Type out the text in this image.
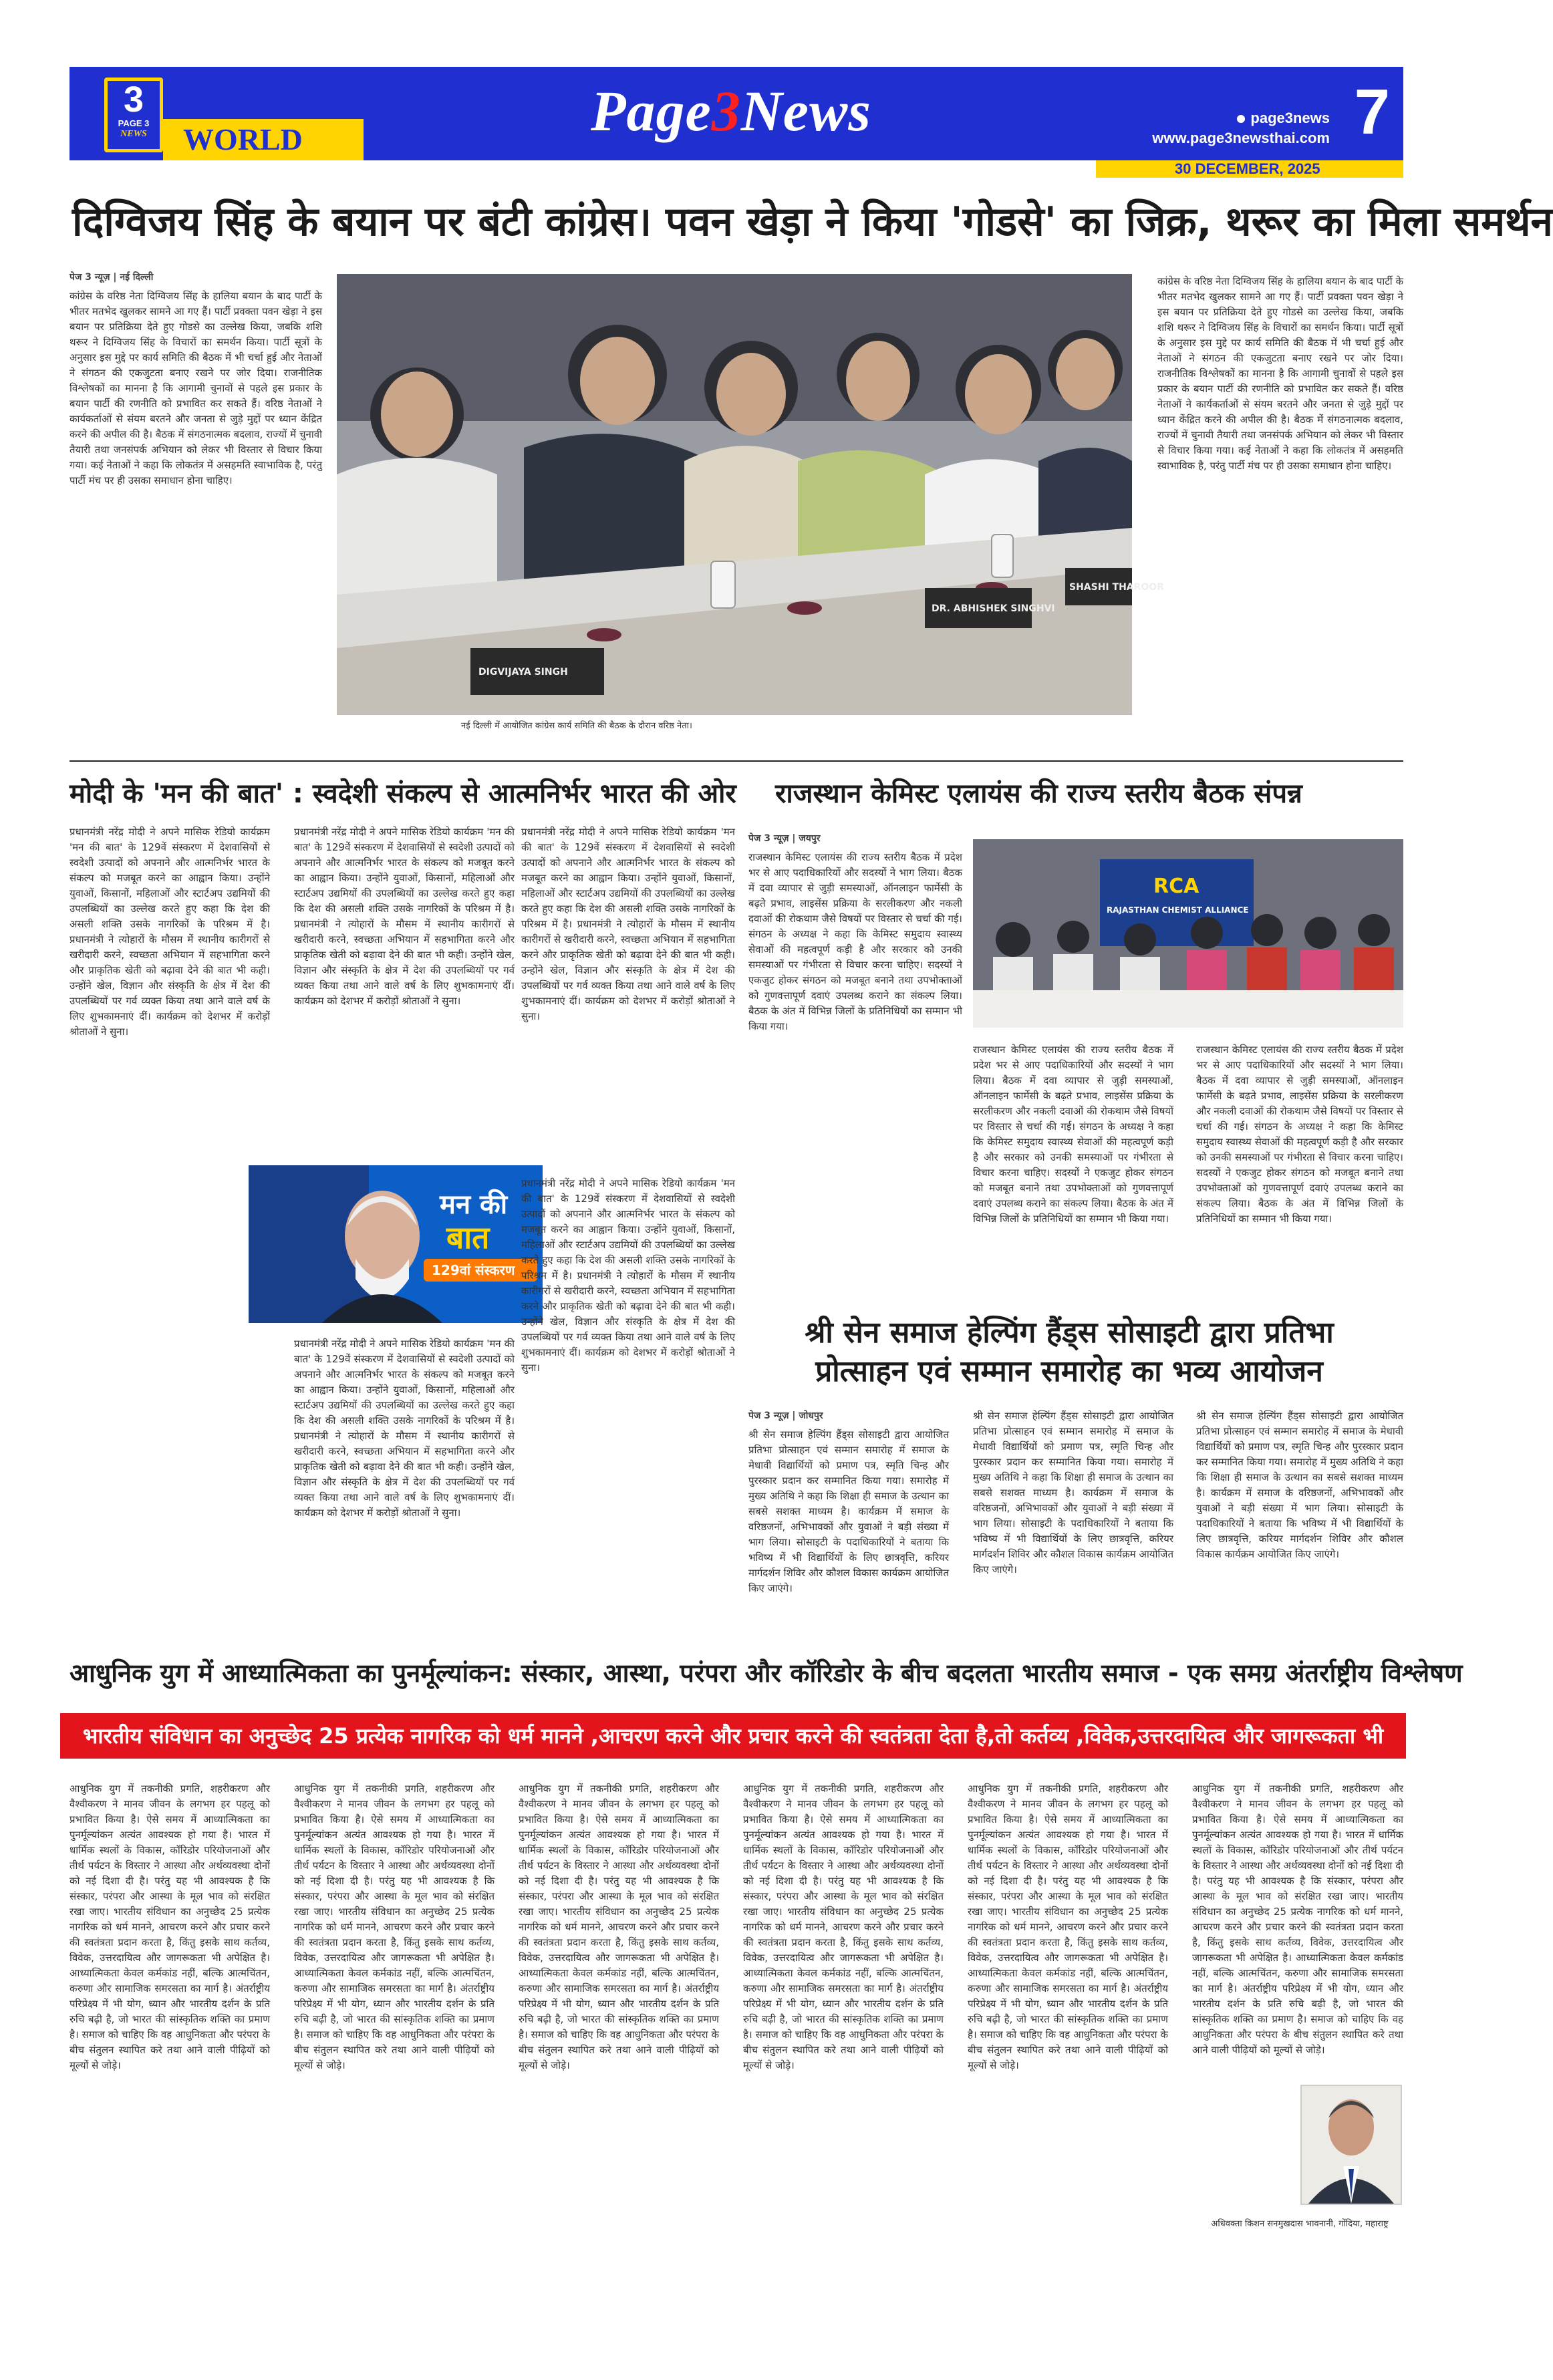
3
PAGE 3
NEWS	WORLD	Page3News	page3news
www.page3newsthai.com 7
30 DECEMBER, 2025
दिग्विजय सिंह के बयान पर बंटी कांग्रेस। पवन खेड़ा ने किया 'गोडसे' का जिक्र, थरूर का मिला समर्थन
पेज 3 न्यूज़ | नई दिल्ली
कांग्रेस के वरिष्ठ नेता दिग्विजय सिंह के हालिया बयान के बाद पार्टी के भीतर मतभेद खुलकर सामने आ गए हैं। पार्टी प्रवक्ता पवन खेड़ा ने इस बयान पर प्रतिक्रिया देते हुए गोडसे का उल्लेख किया, जबकि शशि थरूर ने दिग्विजय सिंह के विचारों का समर्थन किया। पार्टी सूत्रों के अनुसार इस मुद्दे पर कार्य समिति की बैठक में भी चर्चा हुई और नेताओं ने संगठन की एकजुटता बनाए रखने पर जोर दिया। राजनीतिक विश्लेषकों का मानना है कि आगामी चुनावों से पहले इस प्रकार के बयान पार्टी की रणनीति को प्रभावित कर सकते हैं। वरिष्ठ नेताओं ने कार्यकर्ताओं से संयम बरतने और जनता से जुड़े मुद्दों पर ध्यान केंद्रित करने की अपील की है। बैठक में संगठनात्मक बदलाव, राज्यों में चुनावी तैयारी तथा जनसंपर्क अभियान को लेकर भी विस्तार से विचार किया गया। कई नेताओं ने कहा कि लोकतंत्र में असहमति स्वाभाविक है, परंतु पार्टी मंच पर ही उसका समाधान होना चाहिए।
DIGVIJAYA SINGH
DR. ABHISHEK SINGHVI
SHASHI THAROOR
नई दिल्ली में आयोजित कांग्रेस कार्य समिति की बैठक के दौरान वरिष्ठ नेता।
कांग्रेस के वरिष्ठ नेता दिग्विजय सिंह के हालिया बयान के बाद पार्टी के भीतर मतभेद खुलकर सामने आ गए हैं। पार्टी प्रवक्ता पवन खेड़ा ने इस बयान पर प्रतिक्रिया देते हुए गोडसे का उल्लेख किया, जबकि शशि थरूर ने दिग्विजय सिंह के विचारों का समर्थन किया। पार्टी सूत्रों के अनुसार इस मुद्दे पर कार्य समिति की बैठक में भी चर्चा हुई और नेताओं ने संगठन की एकजुटता बनाए रखने पर जोर दिया। राजनीतिक विश्लेषकों का मानना है कि आगामी चुनावों से पहले इस प्रकार के बयान पार्टी की रणनीति को प्रभावित कर सकते हैं। वरिष्ठ नेताओं ने कार्यकर्ताओं से संयम बरतने और जनता से जुड़े मुद्दों पर ध्यान केंद्रित करने की अपील की है। बैठक में संगठनात्मक बदलाव, राज्यों में चुनावी तैयारी तथा जनसंपर्क अभियान को लेकर भी विस्तार से विचार किया गया। कई नेताओं ने कहा कि लोकतंत्र में असहमति स्वाभाविक है, परंतु पार्टी मंच पर ही उसका समाधान होना चाहिए।
मोदी के 'मन की बात' : स्वदेशी संकल्प से आत्मनिर्भर भारत की ओर
प्रधानमंत्री नरेंद्र मोदी ने अपने मासिक रेडियो कार्यक्रम 'मन की बात' के 129वें संस्करण में देशवासियों से स्वदेशी उत्पादों को अपनाने और आत्मनिर्भर भारत के संकल्प को मजबूत करने का आह्वान किया। उन्होंने युवाओं, किसानों, महिलाओं और स्टार्टअप उद्यमियों की उपलब्धियों का उल्लेख करते हुए कहा कि देश की असली शक्ति उसके नागरिकों के परिश्रम में है। प्रधानमंत्री ने त्योहारों के मौसम में स्थानीय कारीगरों से खरीदारी करने, स्वच्छता अभियान में सहभागिता करने और प्राकृतिक खेती को बढ़ावा देने की बात भी कही। उन्होंने खेल, विज्ञान और संस्कृति के क्षेत्र में देश की उपलब्धियों पर गर्व व्यक्त किया तथा आने वाले वर्ष के लिए शुभकामनाएं दीं। कार्यक्रम को देशभर में करोड़ों श्रोताओं ने सुना।
प्रधानमंत्री नरेंद्र मोदी ने अपने मासिक रेडियो कार्यक्रम 'मन की बात' के 129वें संस्करण में देशवासियों से स्वदेशी उत्पादों को अपनाने और आत्मनिर्भर भारत के संकल्प को मजबूत करने का आह्वान किया। उन्होंने युवाओं, किसानों, महिलाओं और स्टार्टअप उद्यमियों की उपलब्धियों का उल्लेख करते हुए कहा कि देश की असली शक्ति उसके नागरिकों के परिश्रम में है। प्रधानमंत्री ने त्योहारों के मौसम में स्थानीय कारीगरों से खरीदारी करने, स्वच्छता अभियान में सहभागिता करने और प्राकृतिक खेती को बढ़ावा देने की बात भी कही। उन्होंने खेल, विज्ञान और संस्कृति के क्षेत्र में देश की उपलब्धियों पर गर्व व्यक्त किया तथा आने वाले वर्ष के लिए शुभकामनाएं दीं। कार्यक्रम को देशभर में करोड़ों श्रोताओं ने सुना।
प्रधानमंत्री नरेंद्र मोदी ने अपने मासिक रेडियो कार्यक्रम 'मन की बात' के 129वें संस्करण में देशवासियों से स्वदेशी उत्पादों को अपनाने और आत्मनिर्भर भारत के संकल्प को मजबूत करने का आह्वान किया। उन्होंने युवाओं, किसानों, महिलाओं और स्टार्टअप उद्यमियों की उपलब्धियों का उल्लेख करते हुए कहा कि देश की असली शक्ति उसके नागरिकों के परिश्रम में है। प्रधानमंत्री ने त्योहारों के मौसम में स्थानीय कारीगरों से खरीदारी करने, स्वच्छता अभियान में सहभागिता करने और प्राकृतिक खेती को बढ़ावा देने की बात भी कही। उन्होंने खेल, विज्ञान और संस्कृति के क्षेत्र में देश की उपलब्धियों पर गर्व व्यक्त किया तथा आने वाले वर्ष के लिए शुभकामनाएं दीं। कार्यक्रम को देशभर में करोड़ों श्रोताओं ने सुना।
मन की
बात
129वां संस्करण
प्रधानमंत्री नरेंद्र मोदी ने अपने मासिक रेडियो कार्यक्रम 'मन की बात' के 129वें संस्करण में देशवासियों से स्वदेशी उत्पादों को अपनाने और आत्मनिर्भर भारत के संकल्प को मजबूत करने का आह्वान किया। उन्होंने युवाओं, किसानों, महिलाओं और स्टार्टअप उद्यमियों की उपलब्धियों का उल्लेख करते हुए कहा कि देश की असली शक्ति उसके नागरिकों के परिश्रम में है। प्रधानमंत्री ने त्योहारों के मौसम में स्थानीय कारीगरों से खरीदारी करने, स्वच्छता अभियान में सहभागिता करने और प्राकृतिक खेती को बढ़ावा देने की बात भी कही। उन्होंने खेल, विज्ञान और संस्कृति के क्षेत्र में देश की उपलब्धियों पर गर्व व्यक्त किया तथा आने वाले वर्ष के लिए शुभकामनाएं दीं। कार्यक्रम को देशभर में करोड़ों श्रोताओं ने सुना।
प्रधानमंत्री नरेंद्र मोदी ने अपने मासिक रेडियो कार्यक्रम 'मन की बात' के 129वें संस्करण में देशवासियों से स्वदेशी उत्पादों को अपनाने और आत्मनिर्भर भारत के संकल्प को मजबूत करने का आह्वान किया। उन्होंने युवाओं, किसानों, महिलाओं और स्टार्टअप उद्यमियों की उपलब्धियों का उल्लेख करते हुए कहा कि देश की असली शक्ति उसके नागरिकों के परिश्रम में है। प्रधानमंत्री ने त्योहारों के मौसम में स्थानीय कारीगरों से खरीदारी करने, स्वच्छता अभियान में सहभागिता करने और प्राकृतिक खेती को बढ़ावा देने की बात भी कही। उन्होंने खेल, विज्ञान और संस्कृति के क्षेत्र में देश की उपलब्धियों पर गर्व व्यक्त किया तथा आने वाले वर्ष के लिए शुभकामनाएं दीं। कार्यक्रम को देशभर में करोड़ों श्रोताओं ने सुना।
राजस्थान केमिस्ट एलायंस की राज्य स्तरीय बैठक संपन्न
पेज 3 न्यूज़ | जयपुर
राजस्थान केमिस्ट एलायंस की राज्य स्तरीय बैठक में प्रदेश भर से आए पदाधिकारियों और सदस्यों ने भाग लिया। बैठक में दवा व्यापार से जुड़ी समस्याओं, ऑनलाइन फार्मेसी के बढ़ते प्रभाव, लाइसेंस प्रक्रिया के सरलीकरण और नकली दवाओं की रोकथाम जैसे विषयों पर विस्तार से चर्चा की गई। संगठन के अध्यक्ष ने कहा कि केमिस्ट समुदाय स्वास्थ्य सेवाओं की महत्वपूर्ण कड़ी है और सरकार को उनकी समस्याओं पर गंभीरता से विचार करना चाहिए। सदस्यों ने एकजुट होकर संगठन को मजबूत बनाने तथा उपभोक्ताओं को गुणवत्तापूर्ण दवाएं उपलब्ध कराने का संकल्प लिया। बैठक के अंत में विभिन्न जिलों के प्रतिनिधियों का सम्मान भी किया गया।
RCA
RAJASTHAN CHEMIST ALLIANCE
राजस्थान केमिस्ट एलायंस की राज्य स्तरीय बैठक में प्रदेश भर से आए पदाधिकारियों और सदस्यों ने भाग लिया। बैठक में दवा व्यापार से जुड़ी समस्याओं, ऑनलाइन फार्मेसी के बढ़ते प्रभाव, लाइसेंस प्रक्रिया के सरलीकरण और नकली दवाओं की रोकथाम जैसे विषयों पर विस्तार से चर्चा की गई। संगठन के अध्यक्ष ने कहा कि केमिस्ट समुदाय स्वास्थ्य सेवाओं की महत्वपूर्ण कड़ी है और सरकार को उनकी समस्याओं पर गंभीरता से विचार करना चाहिए। सदस्यों ने एकजुट होकर संगठन को मजबूत बनाने तथा उपभोक्ताओं को गुणवत्तापूर्ण दवाएं उपलब्ध कराने का संकल्प लिया। बैठक के अंत में विभिन्न जिलों के प्रतिनिधियों का सम्मान भी किया गया।
राजस्थान केमिस्ट एलायंस की राज्य स्तरीय बैठक में प्रदेश भर से आए पदाधिकारियों और सदस्यों ने भाग लिया। बैठक में दवा व्यापार से जुड़ी समस्याओं, ऑनलाइन फार्मेसी के बढ़ते प्रभाव, लाइसेंस प्रक्रिया के सरलीकरण और नकली दवाओं की रोकथाम जैसे विषयों पर विस्तार से चर्चा की गई। संगठन के अध्यक्ष ने कहा कि केमिस्ट समुदाय स्वास्थ्य सेवाओं की महत्वपूर्ण कड़ी है और सरकार को उनकी समस्याओं पर गंभीरता से विचार करना चाहिए। सदस्यों ने एकजुट होकर संगठन को मजबूत बनाने तथा उपभोक्ताओं को गुणवत्तापूर्ण दवाएं उपलब्ध कराने का संकल्प लिया। बैठक के अंत में विभिन्न जिलों के प्रतिनिधियों का सम्मान भी किया गया।
श्री सेन समाज हेल्पिंग हैंड्स सोसाइटी द्वारा प्रतिभा प्रोत्साहन एवं सम्मान समारोह का भव्य आयोजन
पेज 3 न्यूज़ | जोधपुर
श्री सेन समाज हेल्पिंग हैंड्स सोसाइटी द्वारा आयोजित प्रतिभा प्रोत्साहन एवं सम्मान समारोह में समाज के मेधावी विद्यार्थियों को प्रमाण पत्र, स्मृति चिन्ह और पुरस्कार प्रदान कर सम्मानित किया गया। समारोह में मुख्य अतिथि ने कहा कि शिक्षा ही समाज के उत्थान का सबसे सशक्त माध्यम है। कार्यक्रम में समाज के वरिष्ठजनों, अभिभावकों और युवाओं ने बड़ी संख्या में भाग लिया। सोसाइटी के पदाधिकारियों ने बताया कि भविष्य में भी विद्यार्थियों के लिए छात्रवृत्ति, करियर मार्गदर्शन शिविर और कौशल विकास कार्यक्रम आयोजित किए जाएंगे।
श्री सेन समाज हेल्पिंग हैंड्स सोसाइटी द्वारा आयोजित प्रतिभा प्रोत्साहन एवं सम्मान समारोह में समाज के मेधावी विद्यार्थियों को प्रमाण पत्र, स्मृति चिन्ह और पुरस्कार प्रदान कर सम्मानित किया गया। समारोह में मुख्य अतिथि ने कहा कि शिक्षा ही समाज के उत्थान का सबसे सशक्त माध्यम है। कार्यक्रम में समाज के वरिष्ठजनों, अभिभावकों और युवाओं ने बड़ी संख्या में भाग लिया। सोसाइटी के पदाधिकारियों ने बताया कि भविष्य में भी विद्यार्थियों के लिए छात्रवृत्ति, करियर मार्गदर्शन शिविर और कौशल विकास कार्यक्रम आयोजित किए जाएंगे।
श्री सेन समाज हेल्पिंग हैंड्स सोसाइटी द्वारा आयोजित प्रतिभा प्रोत्साहन एवं सम्मान समारोह में समाज के मेधावी विद्यार्थियों को प्रमाण पत्र, स्मृति चिन्ह और पुरस्कार प्रदान कर सम्मानित किया गया। समारोह में मुख्य अतिथि ने कहा कि शिक्षा ही समाज के उत्थान का सबसे सशक्त माध्यम है। कार्यक्रम में समाज के वरिष्ठजनों, अभिभावकों और युवाओं ने बड़ी संख्या में भाग लिया। सोसाइटी के पदाधिकारियों ने बताया कि भविष्य में भी विद्यार्थियों के लिए छात्रवृत्ति, करियर मार्गदर्शन शिविर और कौशल विकास कार्यक्रम आयोजित किए जाएंगे।
आधुनिक युग में आध्यात्मिकता का पुनर्मूल्यांकन: संस्कार, आस्था, परंपरा और कॉरिडोर के बीच बदलता भारतीय समाज - एक समग्र अंतर्राष्ट्रीय विश्लेषण
भारतीय संविधान का अनुच्छेद 25 प्रत्येक नागरिक को धर्म मानने ,आचरण करने और प्रचार करने की स्वतंत्रता देता है,तो कर्तव्य ,विवेक,उत्तरदायित्व और जागरूकता भी
आधुनिक युग में तकनीकी प्रगति, शहरीकरण और वैश्वीकरण ने मानव जीवन के लगभग हर पहलू को प्रभावित किया है। ऐसे समय में आध्यात्मिकता का पुनर्मूल्यांकन अत्यंत आवश्यक हो गया है। भारत में धार्मिक स्थलों के विकास, कॉरिडोर परियोजनाओं और तीर्थ पर्यटन के विस्तार ने आस्था और अर्थव्यवस्था दोनों को नई दिशा दी है। परंतु यह भी आवश्यक है कि संस्कार, परंपरा और आस्था के मूल भाव को संरक्षित रखा जाए। भारतीय संविधान का अनुच्छेद 25 प्रत्येक नागरिक को धर्म मानने, आचरण करने और प्रचार करने की स्वतंत्रता प्रदान करता है, किंतु इसके साथ कर्तव्य, विवेक, उत्तरदायित्व और जागरूकता भी अपेक्षित है। आध्यात्मिकता केवल कर्मकांड नहीं, बल्कि आत्मचिंतन, करुणा और सामाजिक समरसता का मार्ग है। अंतर्राष्ट्रीय परिप्रेक्ष्य में भी योग, ध्यान और भारतीय दर्शन के प्रति रुचि बढ़ी है, जो भारत की सांस्कृतिक शक्ति का प्रमाण है। समाज को चाहिए कि वह आधुनिकता और परंपरा के बीच संतुलन स्थापित करे तथा आने वाली पीढ़ियों को मूल्यों से जोड़े।
आधुनिक युग में तकनीकी प्रगति, शहरीकरण और वैश्वीकरण ने मानव जीवन के लगभग हर पहलू को प्रभावित किया है। ऐसे समय में आध्यात्मिकता का पुनर्मूल्यांकन अत्यंत आवश्यक हो गया है। भारत में धार्मिक स्थलों के विकास, कॉरिडोर परियोजनाओं और तीर्थ पर्यटन के विस्तार ने आस्था और अर्थव्यवस्था दोनों को नई दिशा दी है। परंतु यह भी आवश्यक है कि संस्कार, परंपरा और आस्था के मूल भाव को संरक्षित रखा जाए। भारतीय संविधान का अनुच्छेद 25 प्रत्येक नागरिक को धर्म मानने, आचरण करने और प्रचार करने की स्वतंत्रता प्रदान करता है, किंतु इसके साथ कर्तव्य, विवेक, उत्तरदायित्व और जागरूकता भी अपेक्षित है। आध्यात्मिकता केवल कर्मकांड नहीं, बल्कि आत्मचिंतन, करुणा और सामाजिक समरसता का मार्ग है। अंतर्राष्ट्रीय परिप्रेक्ष्य में भी योग, ध्यान और भारतीय दर्शन के प्रति रुचि बढ़ी है, जो भारत की सांस्कृतिक शक्ति का प्रमाण है। समाज को चाहिए कि वह आधुनिकता और परंपरा के बीच संतुलन स्थापित करे तथा आने वाली पीढ़ियों को मूल्यों से जोड़े।
आधुनिक युग में तकनीकी प्रगति, शहरीकरण और वैश्वीकरण ने मानव जीवन के लगभग हर पहलू को प्रभावित किया है। ऐसे समय में आध्यात्मिकता का पुनर्मूल्यांकन अत्यंत आवश्यक हो गया है। भारत में धार्मिक स्थलों के विकास, कॉरिडोर परियोजनाओं और तीर्थ पर्यटन के विस्तार ने आस्था और अर्थव्यवस्था दोनों को नई दिशा दी है। परंतु यह भी आवश्यक है कि संस्कार, परंपरा और आस्था के मूल भाव को संरक्षित रखा जाए। भारतीय संविधान का अनुच्छेद 25 प्रत्येक नागरिक को धर्म मानने, आचरण करने और प्रचार करने की स्वतंत्रता प्रदान करता है, किंतु इसके साथ कर्तव्य, विवेक, उत्तरदायित्व और जागरूकता भी अपेक्षित है। आध्यात्मिकता केवल कर्मकांड नहीं, बल्कि आत्मचिंतन, करुणा और सामाजिक समरसता का मार्ग है। अंतर्राष्ट्रीय परिप्रेक्ष्य में भी योग, ध्यान और भारतीय दर्शन के प्रति रुचि बढ़ी है, जो भारत की सांस्कृतिक शक्ति का प्रमाण है। समाज को चाहिए कि वह आधुनिकता और परंपरा के बीच संतुलन स्थापित करे तथा आने वाली पीढ़ियों को मूल्यों से जोड़े।
आधुनिक युग में तकनीकी प्रगति, शहरीकरण और वैश्वीकरण ने मानव जीवन के लगभग हर पहलू को प्रभावित किया है। ऐसे समय में आध्यात्मिकता का पुनर्मूल्यांकन अत्यंत आवश्यक हो गया है। भारत में धार्मिक स्थलों के विकास, कॉरिडोर परियोजनाओं और तीर्थ पर्यटन के विस्तार ने आस्था और अर्थव्यवस्था दोनों को नई दिशा दी है। परंतु यह भी आवश्यक है कि संस्कार, परंपरा और आस्था के मूल भाव को संरक्षित रखा जाए। भारतीय संविधान का अनुच्छेद 25 प्रत्येक नागरिक को धर्म मानने, आचरण करने और प्रचार करने की स्वतंत्रता प्रदान करता है, किंतु इसके साथ कर्तव्य, विवेक, उत्तरदायित्व और जागरूकता भी अपेक्षित है। आध्यात्मिकता केवल कर्मकांड नहीं, बल्कि आत्मचिंतन, करुणा और सामाजिक समरसता का मार्ग है। अंतर्राष्ट्रीय परिप्रेक्ष्य में भी योग, ध्यान और भारतीय दर्शन के प्रति रुचि बढ़ी है, जो भारत की सांस्कृतिक शक्ति का प्रमाण है। समाज को चाहिए कि वह आधुनिकता और परंपरा के बीच संतुलन स्थापित करे तथा आने वाली पीढ़ियों को मूल्यों से जोड़े।
आधुनिक युग में तकनीकी प्रगति, शहरीकरण और वैश्वीकरण ने मानव जीवन के लगभग हर पहलू को प्रभावित किया है। ऐसे समय में आध्यात्मिकता का पुनर्मूल्यांकन अत्यंत आवश्यक हो गया है। भारत में धार्मिक स्थलों के विकास, कॉरिडोर परियोजनाओं और तीर्थ पर्यटन के विस्तार ने आस्था और अर्थव्यवस्था दोनों को नई दिशा दी है। परंतु यह भी आवश्यक है कि संस्कार, परंपरा और आस्था के मूल भाव को संरक्षित रखा जाए। भारतीय संविधान का अनुच्छेद 25 प्रत्येक नागरिक को धर्म मानने, आचरण करने और प्रचार करने की स्वतंत्रता प्रदान करता है, किंतु इसके साथ कर्तव्य, विवेक, उत्तरदायित्व और जागरूकता भी अपेक्षित है। आध्यात्मिकता केवल कर्मकांड नहीं, बल्कि आत्मचिंतन, करुणा और सामाजिक समरसता का मार्ग है। अंतर्राष्ट्रीय परिप्रेक्ष्य में भी योग, ध्यान और भारतीय दर्शन के प्रति रुचि बढ़ी है, जो भारत की सांस्कृतिक शक्ति का प्रमाण है। समाज को चाहिए कि वह आधुनिकता और परंपरा के बीच संतुलन स्थापित करे तथा आने वाली पीढ़ियों को मूल्यों से जोड़े।
आधुनिक युग में तकनीकी प्रगति, शहरीकरण और वैश्वीकरण ने मानव जीवन के लगभग हर पहलू को प्रभावित किया है। ऐसे समय में आध्यात्मिकता का पुनर्मूल्यांकन अत्यंत आवश्यक हो गया है। भारत में धार्मिक स्थलों के विकास, कॉरिडोर परियोजनाओं और तीर्थ पर्यटन के विस्तार ने आस्था और अर्थव्यवस्था दोनों को नई दिशा दी है। परंतु यह भी आवश्यक है कि संस्कार, परंपरा और आस्था के मूल भाव को संरक्षित रखा जाए। भारतीय संविधान का अनुच्छेद 25 प्रत्येक नागरिक को धर्म मानने, आचरण करने और प्रचार करने की स्वतंत्रता प्रदान करता है, किंतु इसके साथ कर्तव्य, विवेक, उत्तरदायित्व और जागरूकता भी अपेक्षित है। आध्यात्मिकता केवल कर्मकांड नहीं, बल्कि आत्मचिंतन, करुणा और सामाजिक समरसता का मार्ग है। अंतर्राष्ट्रीय परिप्रेक्ष्य में भी योग, ध्यान और भारतीय दर्शन के प्रति रुचि बढ़ी है, जो भारत की सांस्कृतिक शक्ति का प्रमाण है। समाज को चाहिए कि वह आधुनिकता और परंपरा के बीच संतुलन स्थापित करे तथा आने वाली पीढ़ियों को मूल्यों से जोड़े।
अधिवक्ता किशन सनमुखदास भावनानी, गोंदिया, महाराष्ट्र
